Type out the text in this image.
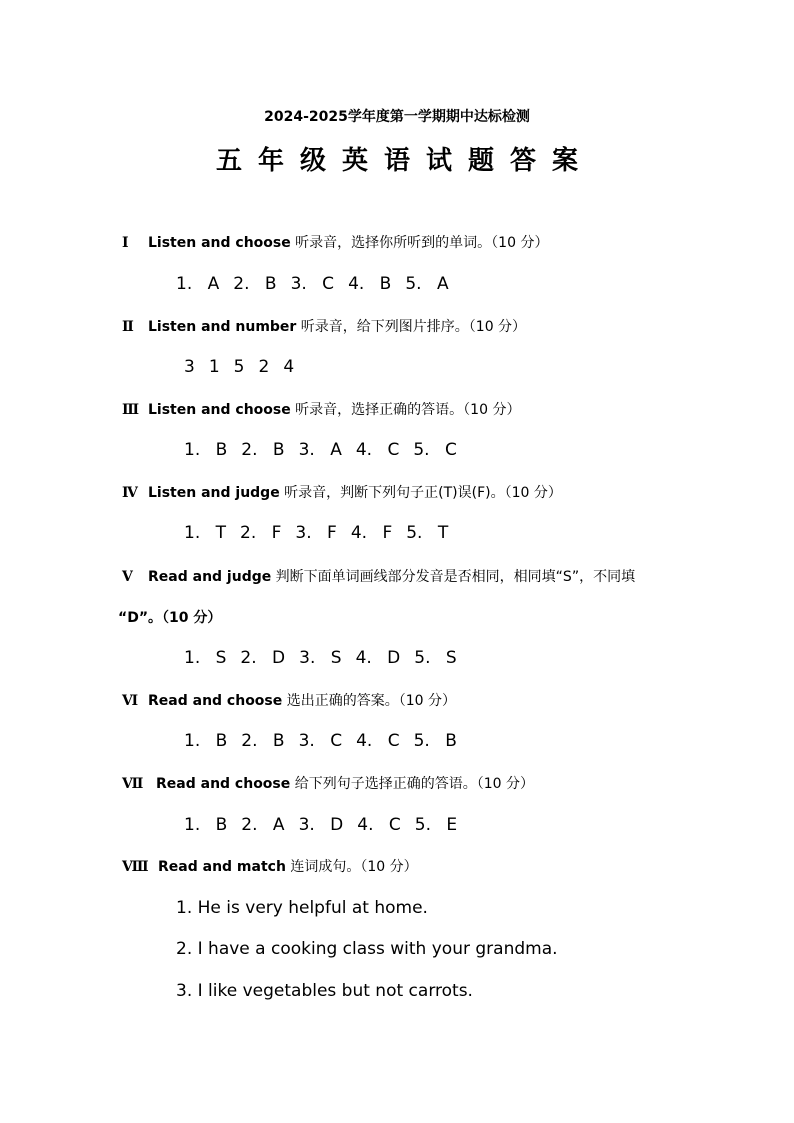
2024-2025学年度第一学期期中达标检测
五年级英语试题答案
Ⅰ Listen and choose 听录音，选择你所听到的单词。（10 分）
1. A 2. B 3. C 4. B 5. A
Ⅱ Listen and number 听录音，给下列图片排序。（10 分）
3 1 5 2 4
Ⅲ Listen and choose 听录音，选择正确的答语。（10 分）
1. B 2. B 3. A 4. C 5. C
Ⅳ Listen and judge 听录音，判断下列句子正(T)误(F)。（10 分）
1. T 2. F 3. F 4. F 5. T
Ⅴ Read and judge 判断下面单词画线部分发音是否相同，相同填“S”，不同填
“D”。（10 分）
1. S 2. D 3. S 4. D 5. S
Ⅵ Read and choose 选出正确的答案。（10 分）
1. B 2. B 3. C 4. C 5. B
Ⅶ Read and choose 给下列句子选择正确的答语。（10 分）
1. B 2. A 3. D 4. C 5. E
Ⅷ Read and match 连词成句。（10 分）
1. He is very helpful at home.
2. I have a cooking class with your grandma.
3. I like vegetables but not carrots.
